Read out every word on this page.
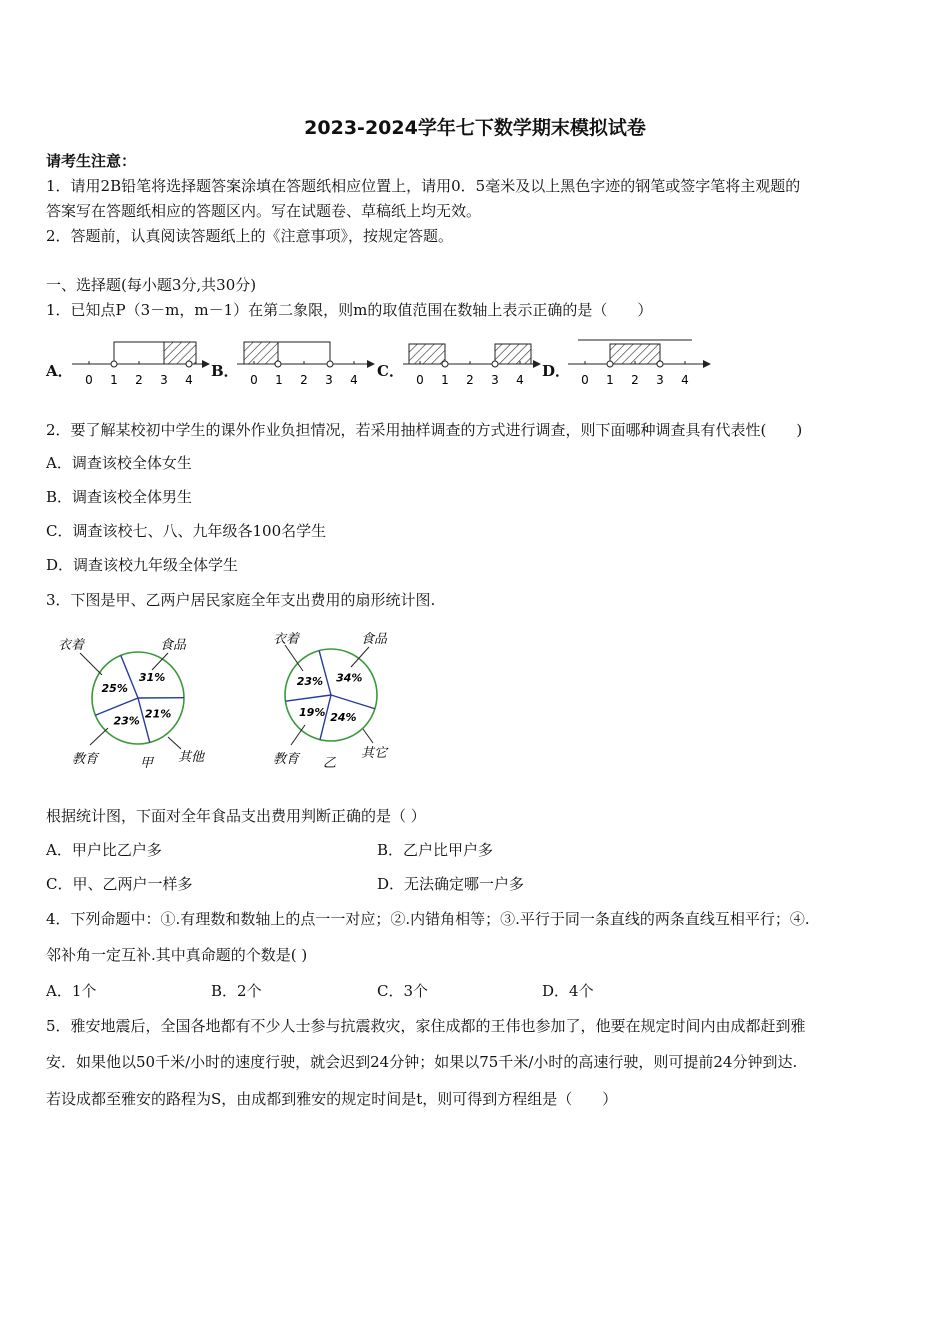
2023-2024学年七下数学期末模拟试卷
请考生注意：
1．请用2B铅笔将选择题答案涂填在答题纸相应位置上，请用0．5毫米及以上黑色字迹的钢笔或签字笔将主观题的
答案写在答题纸相应的答题区内。写在试题卷、草稿纸上均无效。
2．答题前，认真阅读答题纸上的《注意事项》，按规定答题。
一、选择题(每小题3分,共30分)
1．已知点P（3－m，m－1）在第二象限，则m的取值范围在数轴上表示正确的是（　　）
A．	B．	C．	D．
0 1 2 3 4	0 1 2 3 4	0 1 2 3 4	0 1 2 3 4
2．要了解某校初中学生的课外作业负担情况，若采用抽样调查的方式进行调查，则下面哪种调查具有代表性(　　)
A．调查该校全体女生
B．调查该校全体男生
C．调查该校七、八、九年级各100名学生
D．调查该校九年级全体学生
3．下图是甲、乙两户居民家庭全年支出费用的扇形统计图.
31%
21%
23%
25%
衣着	食品
其他
教育	甲
34%
24%
19%
23%
衣着	食品
其它
教育 乙
根据统计图，下面对全年食品支出费用判断正确的是（ ）
A．甲户比乙户多	B．乙户比甲户多
C．甲、乙两户一样多	D．无法确定哪一户多
4．下列命题中：①.有理数和数轴上的点一一对应；②.内错角相等；③.平行于同一条直线的两条直线互相平行；④.
邻补角一定互补.其中真命题的个数是( )
A．1个	B．2个	C．3个	D．4个
5．雅安地震后，全国各地都有不少人士参与抗震救灾，家住成都的王伟也参加了，他要在规定时间内由成都赶到雅
安．如果他以50千米/小时的速度行驶，就会迟到24分钟；如果以75千米/小时的高速行驶，则可提前24分钟到达.
若设成都至雅安的路程为S，由成都到雅安的规定时间是t，则可得到方程组是（　　）
